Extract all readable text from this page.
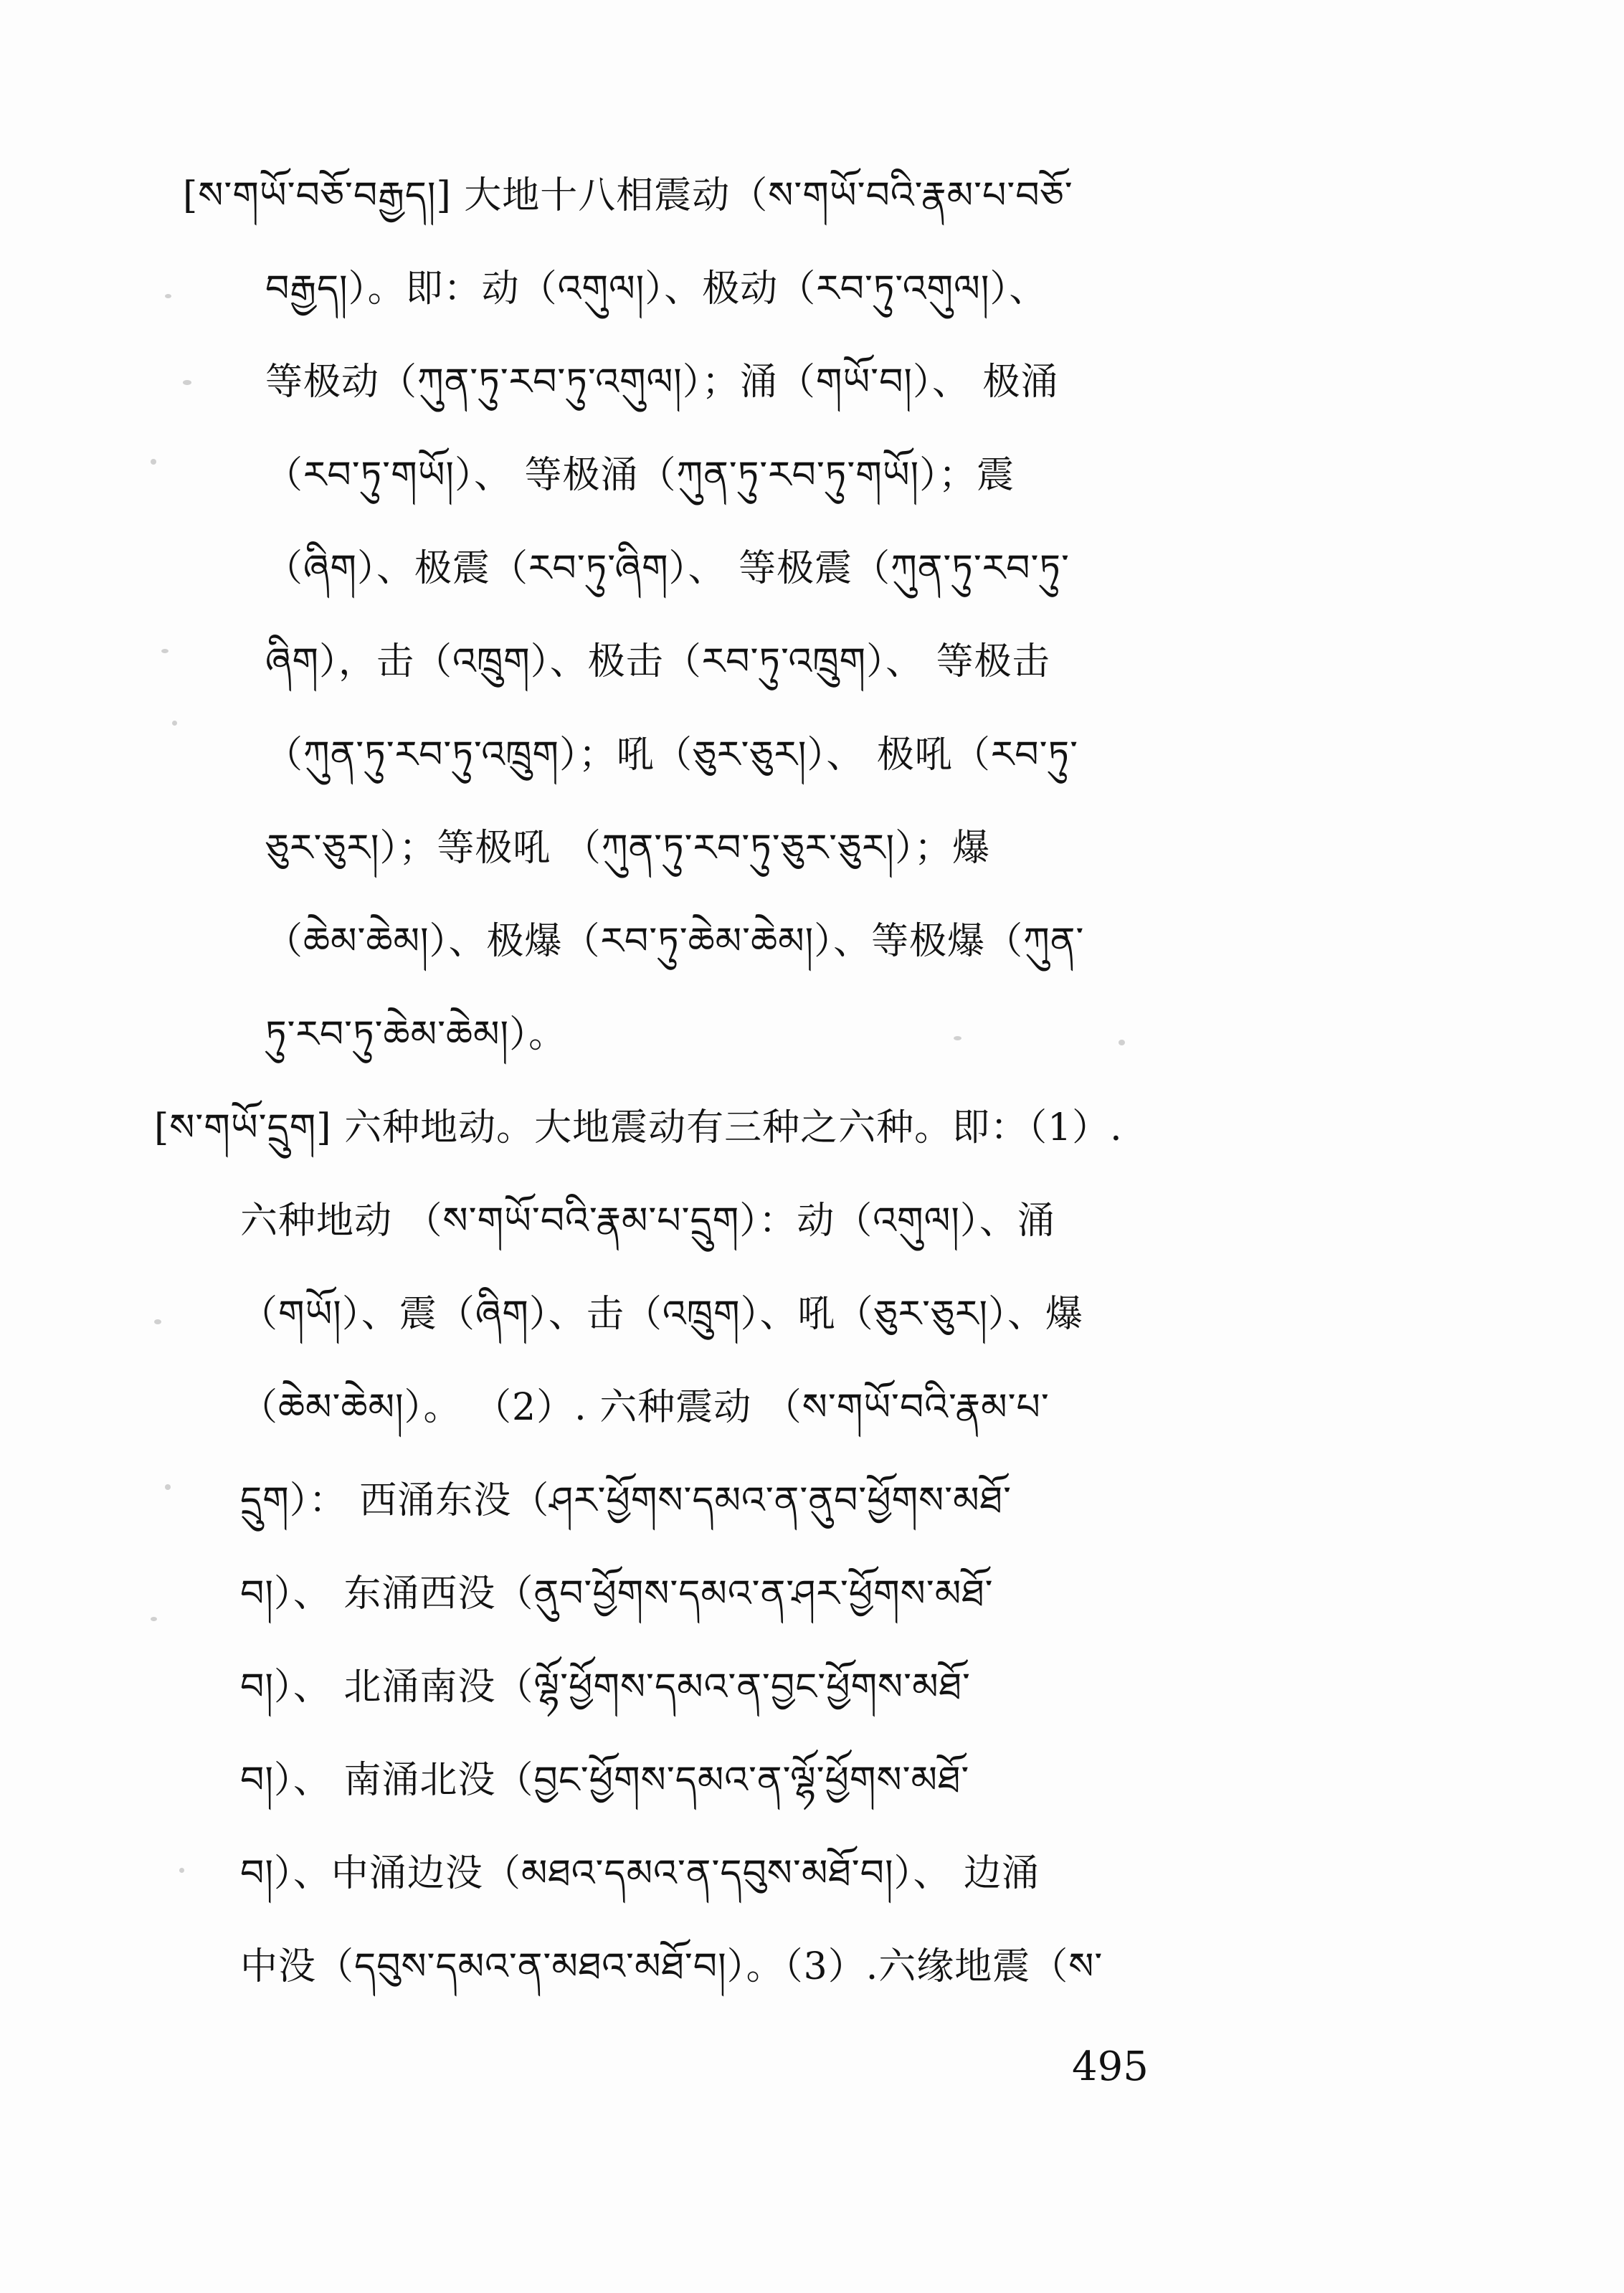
[ས་གཡོ་བཅོ་བརྒྱད།] 大地十八相震动（ས་གཡོ་བའི་རྣམ་པ་བཅོ་
བརྒྱད།）。即：动（འགུལ།）、极动（རབ་ཏུ་འགུལ།）、
等极动（ཀུན་ཏུ་རབ་ཏུ་འགུལ།）；涌（གཡོ་བ།）、 极涌
（རབ་ཏུ་གཡོ།）、 等极涌（ཀུན་ཏུ་རབ་ཏུ་གཡོ།）；震
（ཞིག）、极震（རབ་ཏུ་ཞིག）、 等极震（ཀུན་ཏུ་རབ་ཏུ་
ཞིག），击（འཁྲུག）、极击（རབ་ཏུ་འཁྲུག）、 等极击
（ཀུན་ཏུ་རབ་ཏུ་འཁྲུག）；吼（ཅུར་ཅུར།）、 极吼（རབ་ཏུ་
ཅུར་ཅུར།）；等极吼 （ཀུན་ཏུ་རབ་ཏུ་ཅུར་ཅུར།）；爆
（ཆེམ་ཆེམ།）、极爆（རབ་ཏུ་ཆེམ་ཆེམ།）、等极爆（ཀུན་
ཏུ་རབ་ཏུ་ཆེམ་ཆེམ།）。
[ས་གཡོ་དྲུག] 六种地动。大地震动有三种之六种。即：（1）.
六种地动 （ས་གཡོ་བའི་རྣམ་པ་དྲུག）：动（འགུལ།）、涌
（གཡོ།）、震（ཞིག）、击（འཁྲུག）、吼（ཅུར་ཅུར།）、爆
（ཆེམ་ཆེམ།）。 （2）. 六种震动 （ས་གཡོ་བའི་རྣམ་པ་
དྲུག）： 西涌东没（ཤར་ཕྱོགས་དམའ་ན་ནུབ་ཕྱོགས་མཐོ་
བ།）、 东涌西没（ནུབ་ཕྱོགས་དམའ་ན་ཤར་ཕྱོགས་མཐོ་
བ།）、 北涌南没（ལྷོ་ཕྱོགས་དམའ་ན་བྱང་ཕྱོགས་མཐོ་
བ།）、 南涌北没（བྱང་ཕྱོགས་དམའ་ན་ལྷོ་ཕྱོགས་མཐོ་
བ།）、中涌边没（མཐའ་དམའ་ན་དབུས་མཐོ་བ།）、 边涌
中没（དབུས་དམའ་ན་མཐའ་མཐོ་བ།）。（3）.六缘地震（ས་
495
